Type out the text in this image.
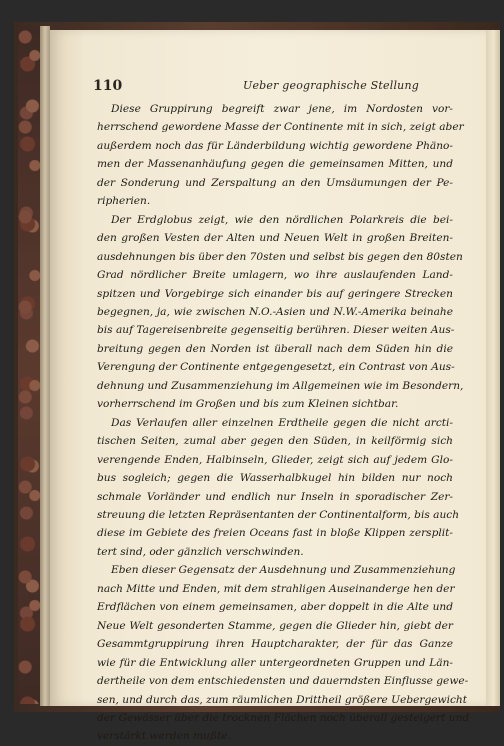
110	Ueber geographische Stellung

Diese Gruppirung begreift zwar jene, im Nordosten vor-
herrschend gewordene Masse der Continente mit in sich, zeigt aber
außerdem noch das für Länderbildung wichtig gewordene Phäno-
men der Massenanhäufung gegen die gemeinsamen Mitten, und
der Sonderung und Zerspaltung an den Umsäumungen der Pe-
ripherien.

Der Erdglobus zeigt, wie den nördlichen Polarkreis die bei-
den großen Vesten der Alten und Neuen Welt in großen Breiten-
ausdehnungen bis über den 70sten und selbst bis gegen den 80sten
Grad nördlicher Breite umlagern, wo ihre auslaufenden Land-
spitzen und Vorgebirge sich einander bis auf geringere Strecken
begegnen, ja, wie zwischen N.O.-Asien und N.W.-Amerika beinahe
bis auf Tagereisenbreite gegenseitig berühren. Dieser weiten Aus-
breitung gegen den Norden ist überall nach dem Süden hin die
Verengung der Continente entgegengesetzt, ein Contrast von Aus-
dehnung und Zusammenziehung im Allgemeinen wie im Besondern,
vorherrschend im Großen und bis zum Kleinen sichtbar.

Das Verlaufen aller einzelnen Erdtheile gegen die nicht arcti-
tischen Seiten, zumal aber gegen den Süden, in keilförmig sich
verengende Enden, Halbinseln, Glieder, zeigt sich auf jedem Glo-
bus sogleich; gegen die Wasserhalbkugel hin bilden nur noch
schmale Vorländer und endlich nur Inseln in sporadischer Zer-
streuung die letzten Repräsentanten der Continentalform, bis auch
diese im Gebiete des freien Oceans fast in bloße Klippen zersplit-
tert sind, oder gänzlich verschwinden.

Eben dieser Gegensatz der Ausdehnung und Zusammenziehung
nach Mitte und Enden, mit dem strahligen Auseinanderge hen der
Erdflächen von einem gemeinsamen, aber doppelt in die Alte und
Neue Welt gesonderten Stamme, gegen die Glieder hin, giebt der
Gesammtgruppirung ihren Hauptcharakter, der für das Ganze
wie für die Entwicklung aller untergeordneten Gruppen und Län-
dertheile von dem entschiedensten und dauerndsten Einflusse gewe-
sen, und durch das, zum räumlichen Drittheil größere Uebergewicht
der Gewässer über die trocknen Flächen noch überall gesteigert und
verstärkt werden mußte.
